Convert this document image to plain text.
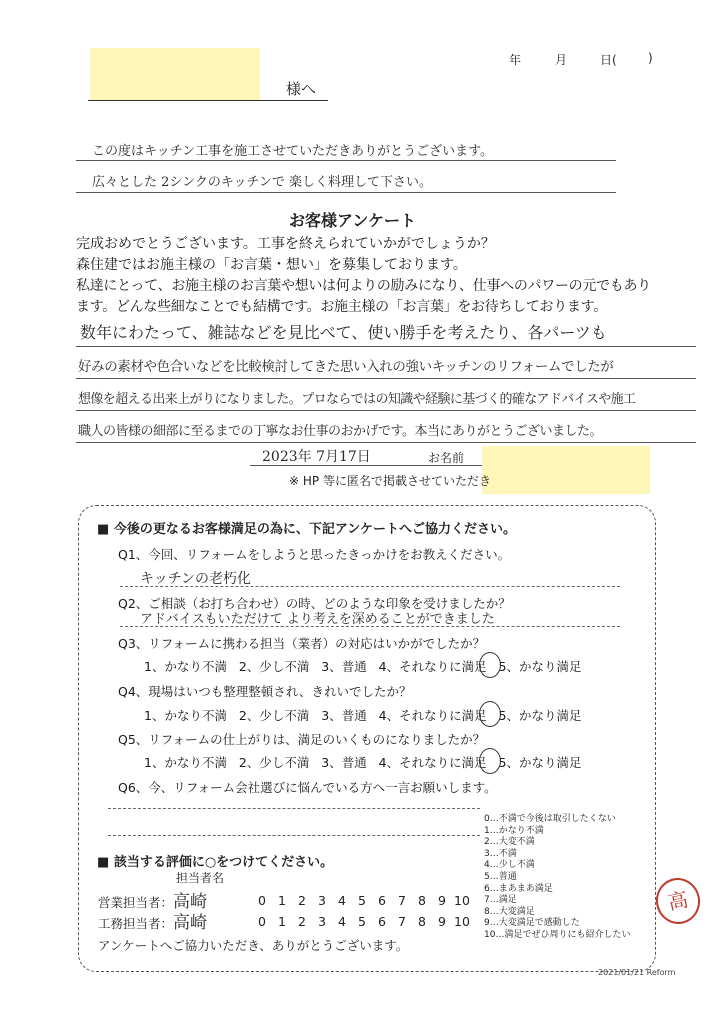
様へ
年	月	日(	)
この度はキッチン工事を施工させていただきありがとうございます。
広々とした 2シンクのキッチンで 楽しく料理して下さい。
お客様アンケート
完成おめでとうございます。工事を終えられていかがでしょうか？
森住建ではお施主様の「お言葉・想い」を募集しております。
私達にとって、お施主様のお言葉や想いは何よりの励みになり、仕事へのパワーの元でもあり
ます。どんな些細なことでも結構です。お施主様の「お言葉」をお待ちしております。
数年にわたって、雑誌などを見比べて、使い勝手を考えたり、各パーツも
好みの素材や色合いなどを比較検討してきた思い入れの強いキッチンのリフォームでしたが
想像を超える出来上がりになりました。プロならではの知識や経験に基づく的確なアドバイスや施工
職人の皆様の細部に至るまでの丁寧なお仕事のおかげです。本当にありがとうございました。
2023年 7月17日	お名前
※ HP 等に匿名で掲載させていただき
■ 今後の更なるお客様満足の為に、下記アンケートへご協力ください。
Q1、今回、リフォームをしようと思ったきっかけをお教えください。
キッチンの老朽化
Q2、ご相談（お打ち合わせ）の時、どのような印象を受けましたか？
アドバイスもいただけて より考えを深めることができました
Q3、リフォームに携わる担当（業者）の対応はいかがでしたか？
1、かなり不満 2、少し不満 3、普通 4、それなりに満足 5、かなり満足
Q4、現場はいつも整理整頓され、きれいでしたか？
1、かなり不満 2、少し不満 3、普通 4、それなりに満足 5、かなり満足
Q5、リフォームの仕上がりは、満足のいくものになりましたか？
1、かなり不満 2、少し不満 3、普通 4、それなりに満足 5、かなり満足
Q6、今、リフォーム会社選びに悩んでいる方へ一言お願いします。
0…不満で今後は取引したくない
1…かなり不満
2…大変不満
3…不満
4…少し不満
5…普通
6…まあまあ満足
7…満足
8…大変満足
9…大変満足で感動した
10…満足でぜひ周りにも紹介したい
■ 該当する評価に○をつけてください。
担当者名
営業担当者： 高崎	0 1 2 3 4 5 6 7 8 9 10
工務担当者： 高崎	0 1 2 3 4 5 6 7 8 9 10
アンケートへご協力いただき、ありがとうございます。
高
2021/01/21 Reform
